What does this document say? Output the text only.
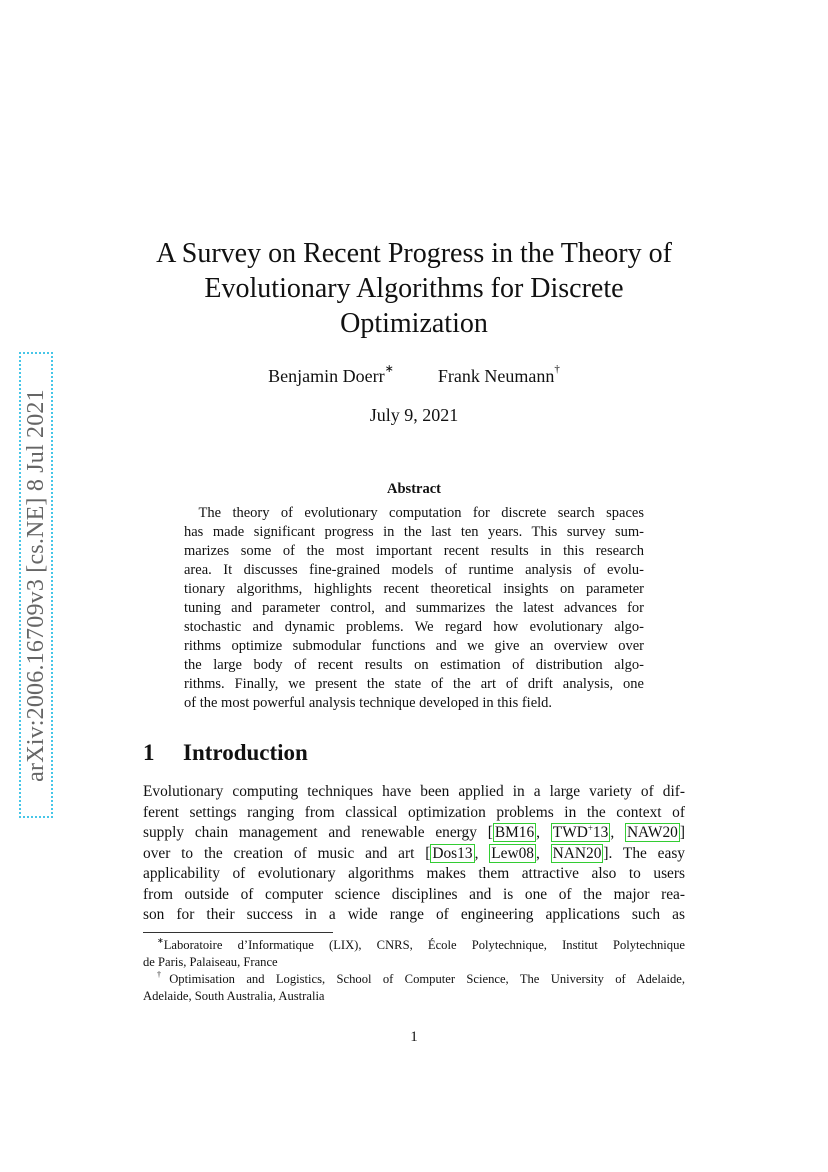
arXiv:2006.16709v3 [cs.NE] 8 Jul 2021
A Survey on Recent Progress in the Theory of
Evolutionary Algorithms for Discrete
Optimization
Benjamin Doerr∗ Frank Neumann†
July 9, 2021
Abstract
 The theory of evolutionary computation for discrete search spaces
has made significant progress in the last ten years. This survey sum-
marizes some of the most important recent results in this research
area. It discusses fine-grained models of runtime analysis of evolu-
tionary algorithms, highlights recent theoretical insights on parameter
tuning and parameter control, and summarizes the latest advances for
stochastic and dynamic problems. We regard how evolutionary algo-
rithms optimize submodular functions and we give an overview over
the large body of recent results on estimation of distribution algo-
rithms. Finally, we present the state of the art of drift analysis, one
of the most powerful analysis technique developed in this field.
1 Introduction
Evolutionary computing techniques have been applied in a large variety of dif-
ferent settings ranging from classical optimization problems in the context of
supply chain management and renewable energy [ BM16 , TWD+13 , NAW20 ]
over to the creation of music and art [ Dos13 , Lew08 , NAN20 ]. The easy
applicability of evolutionary algorithms makes them attractive also to users
from outside of computer science disciplines and is one of the major rea-
son for their success in a wide range of engineering applications such as
∗Laboratoire d’Informatique (LIX), CNRS, École Polytechnique, Institut Polytechnique
de Paris, Palaiseau, France
†Optimisation and Logistics, School of Computer Science, The University of Adelaide,
Adelaide, South Australia, Australia
1
